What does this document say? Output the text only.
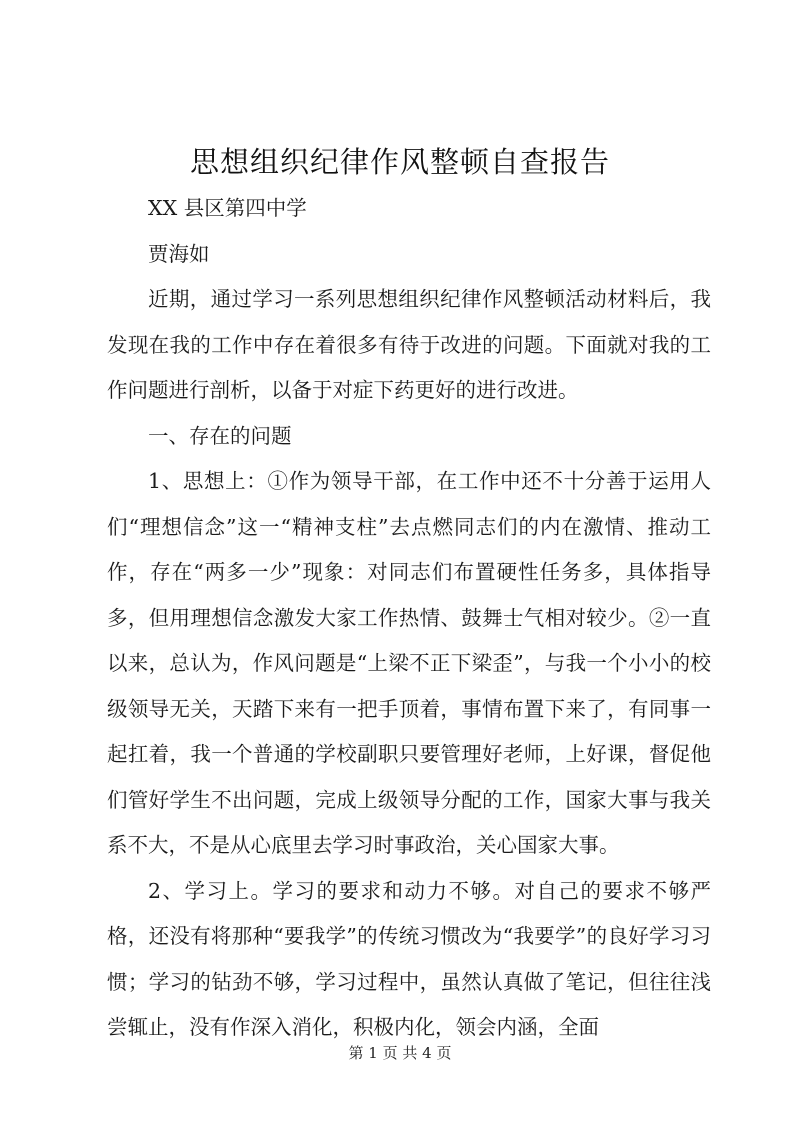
思想组织纪律作风整顿自查报告

XX 县区第四中学

贾海如

近期，通过学习一系列思想组织纪律作风整顿活动材料后，我发现在我的工作中存在着很多有待于改进的问题。下面就对我的工作问题进行剖析，以备于对症下药更好的进行改进。

一、存在的问题

1、思想上：①作为领导干部，在工作中还不十分善于运用人们“理想信念”这一“精神支柱”去点燃同志们的内在激情、推动工作，存在“两多一少”现象：对同志们布置硬性任务多，具体指导多，但用理想信念激发大家工作热情、鼓舞士气相对较少。②一直以来，总认为，作风问题是“上梁不正下梁歪”，与我一个小小的校级领导无关，天踏下来有一把手顶着，事情布置下来了，有同事一起扛着，我一个普通的学校副职只要管理好老师，上好课，督促他们管好学生不出问题，完成上级领导分配的工作，国家大事与我关系不大，不是从心底里去学习时事政治，关心国家大事。

2、学习上。学习的要求和动力不够。对自己的要求不够严格，还没有将那种“要我学”的传统习惯改为“我要学”的良好学习习惯；学习的钻劲不够，学习过程中，虽然认真做了笔记，但往往浅尝辄止，没有作深入消化，积极内化，领会内涵，全面

第 1 页 共 4 页
